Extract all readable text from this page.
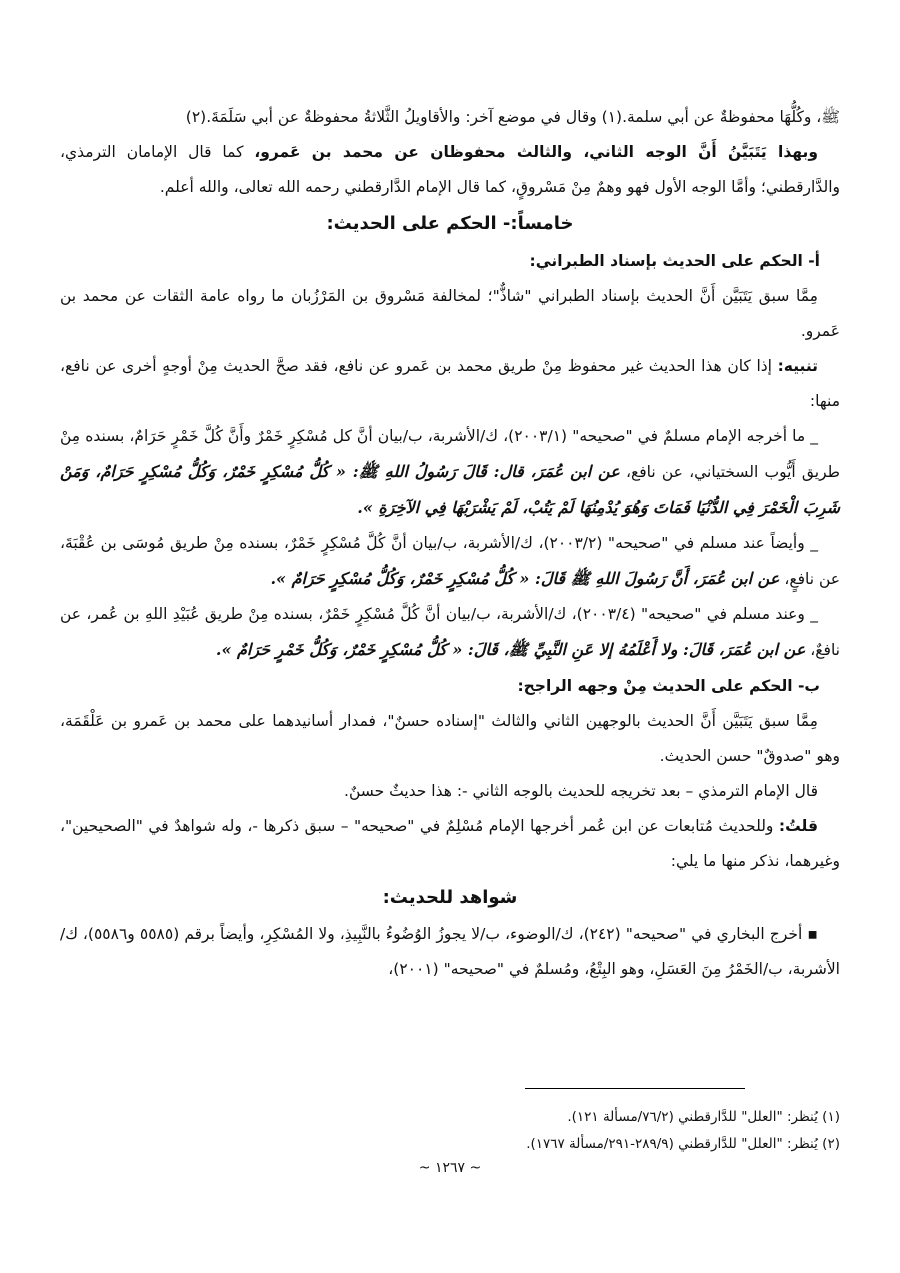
ﷺ، وكُلُّهَا محفوظةٌ عن أبي سلمة.(١) وقال في موضع آخر: والأقاويلُ الثَّلاثةُ محفوظةٌ عن أبي سَلَمَةَ.(٢)

وبهذا يَتَبَيَّنُ أَنَّ الوجه الثاني، والثالث محفوظان عن محمد بن عَمرو، كما قال الإمامان الترمذي، والدَّارقطني؛ وأمَّا الوجه الأول فهو وهمٌ مِنْ مَسْروقٍ، كما قال الإمام الدَّارقطني رحمه الله تعالى، والله أعلم.

خامساً:- الحكم على الحديث:
أ- الحكم على الحديث بإسناد الطبراني:

مِمَّا سبق يَتَبَيَّن أَنَّ الحديث بإسناد الطبراني "شاذٌّ"؛ لمخالفة مَسْروق بن المَرْزُبان ما رواه عامة الثقات عن محمد بن عَمرو.

تنبيه: إذا كان هذا الحديث غير محفوظ مِنْ طريق محمد بن عَمرو عن نافع، فقد صحَّ الحديث مِنْ أوجهٍ أخرى عن نافع، منها:

_ ما أخرجه الإمام مسلمٌ في "صحيحه" (٢٠٠٣/١)، ك/الأشربة، ب/بيان أنَّ كل مُسْكِرٍ خَمْرٌ وأَنَّ كُلَّ خَمْرٍ حَرَامٌ، بسنده مِنْ طريق أَيُّوب السختياني، عن نافع، عن ابن عُمَرَ، قال: قَالَ رَسُولُ اللهِ ﷺ: « كُلُّ مُسْكِرٍ خَمْرٌ، وَكُلُّ مُسْكِرٍ حَرَامٌ، وَمَنْ شَرِبَ الْخَمْرَ فِي الدُّنْيَا فَمَاتَ وَهُوَ يُدْمِنُهَا لَمْ يَتُبْ، لَمْ يَشْرَبْهَا فِي الآخِرَةِ ».

_ وأيضاً عند مسلم في "صحيحه" (٢٠٠٣/٢)، ك/الأشربة، ب/بيان أنَّ كُلَّ مُسْكِرٍ خَمْرٌ، بسنده مِنْ طريق مُوسَى بن عُقْبَةَ، عن نافعٍ، عن ابن عُمَرَ، أَنَّ رَسُولَ اللهِ ﷺ قَالَ: « كُلُّ مُسْكِرٍ خَمْرٌ، وَكُلُّ مُسْكِرٍ حَرَامٌ ».

_ وعند مسلم في "صحيحه" (٢٠٠٣/٤)، ك/الأشربة، ب/بيان أنَّ كُلَّ مُسْكِرٍ خَمْرٌ، بسنده مِنْ طريق عُبَيْدِ اللهِ بن عُمر، عن نافعٌ، عن ابن عُمَرَ، قَالَ: ولا أَعْلَمُهُ إلا عَنِ النَّبِيِّ ﷺ، قَالَ: « كُلُّ مُسْكِرٍ خَمْرٌ، وَكُلُّ خَمْرٍ حَرَامٌ ».

ب- الحكم على الحديث مِنْ وجهه الراجح:

مِمَّا سبق يَتَبَيَّن أَنَّ الحديث بالوجهين الثاني والثالث "إسناده حسنٌ"، فمدار أسانيدهما على محمد بن عَمرو بن عَلْقَمَة، وهو "صدوقٌ" حسن الحديث.

قال الإمام الترمذي – بعد تخريجه للحديث بالوجه الثاني -: هذا حديثٌ حسنٌ.

قلتُ: وللحديث مُتابعات عن ابن عُمر أخرجها الإمام مُسْلِمٌ في "صحيحه" – سبق ذكرها -، وله شواهدٌ في "الصحيحين"، وغيرهما، نذكر منها ما يلي:

شواهد للحديث:

▪ أخرج البخاري في "صحيحه" (٢٤٢)، ك/الوضوء، ب/لا يجوزُ الوُضُوءُ بالنَّبِيذِ، ولا المُسْكِرِ، وأيضاً برقم (٥٥٨٥ و٥٥٨٦)، ك/الأشربة، ب/الخَمْرُ مِنَ العَسَلِ، وهو البِتْعُ، ومُسلمٌ في "صحيحه" (٢٠٠١)،

(١) يُنظر: "العلل" للدَّارقطني (٧٦/٢/مسألة ١٢١).
(٢) يُنظر: "العلل" للدَّارقطني (٢٨٩/٩-٢٩١/مسألة ١٧٦٧).
~ ١٢٦٧ ~
